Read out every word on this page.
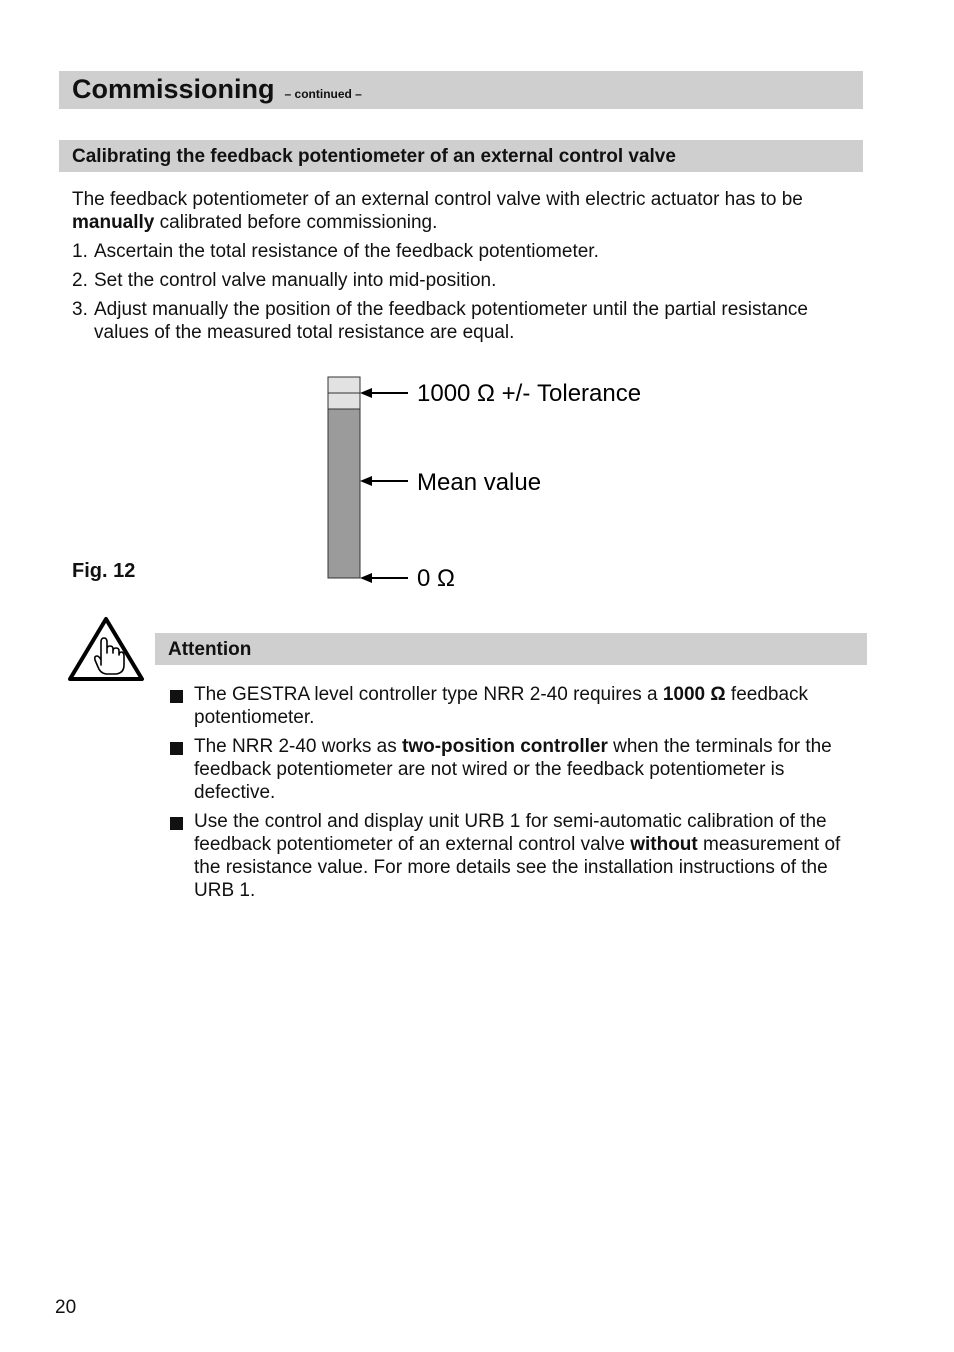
Commissioning – continued –
Calibrating the feedback potentiometer of an external control valve
The feedback potentiometer of an external control valve with electric actuator has to be manually calibrated before commissioning.
1. Ascertain the total resistance of the feedback potentiometer.
2. Set the control valve manually into mid-position.
3. Adjust manually the position of the feedback potentiometer until the partial resistance values of the measured total resistance are equal.
Fig. 12
1000 Ω +/- Tolerance
Mean value
0 Ω
Attention
The GESTRA level controller type NRR 2-40 requires a 1000 Ω feedback potentiometer.
The NRR 2-40 works as two-position controller when the terminals for the feedback potentiometer are not wired or the feedback potentiometer is defective.
Use the control and display unit URB 1 for semi-automatic calibration of the feedback potentiometer of an external control valve without measurement of the resistance value. For more details see the installation instructions of the URB 1.
20
